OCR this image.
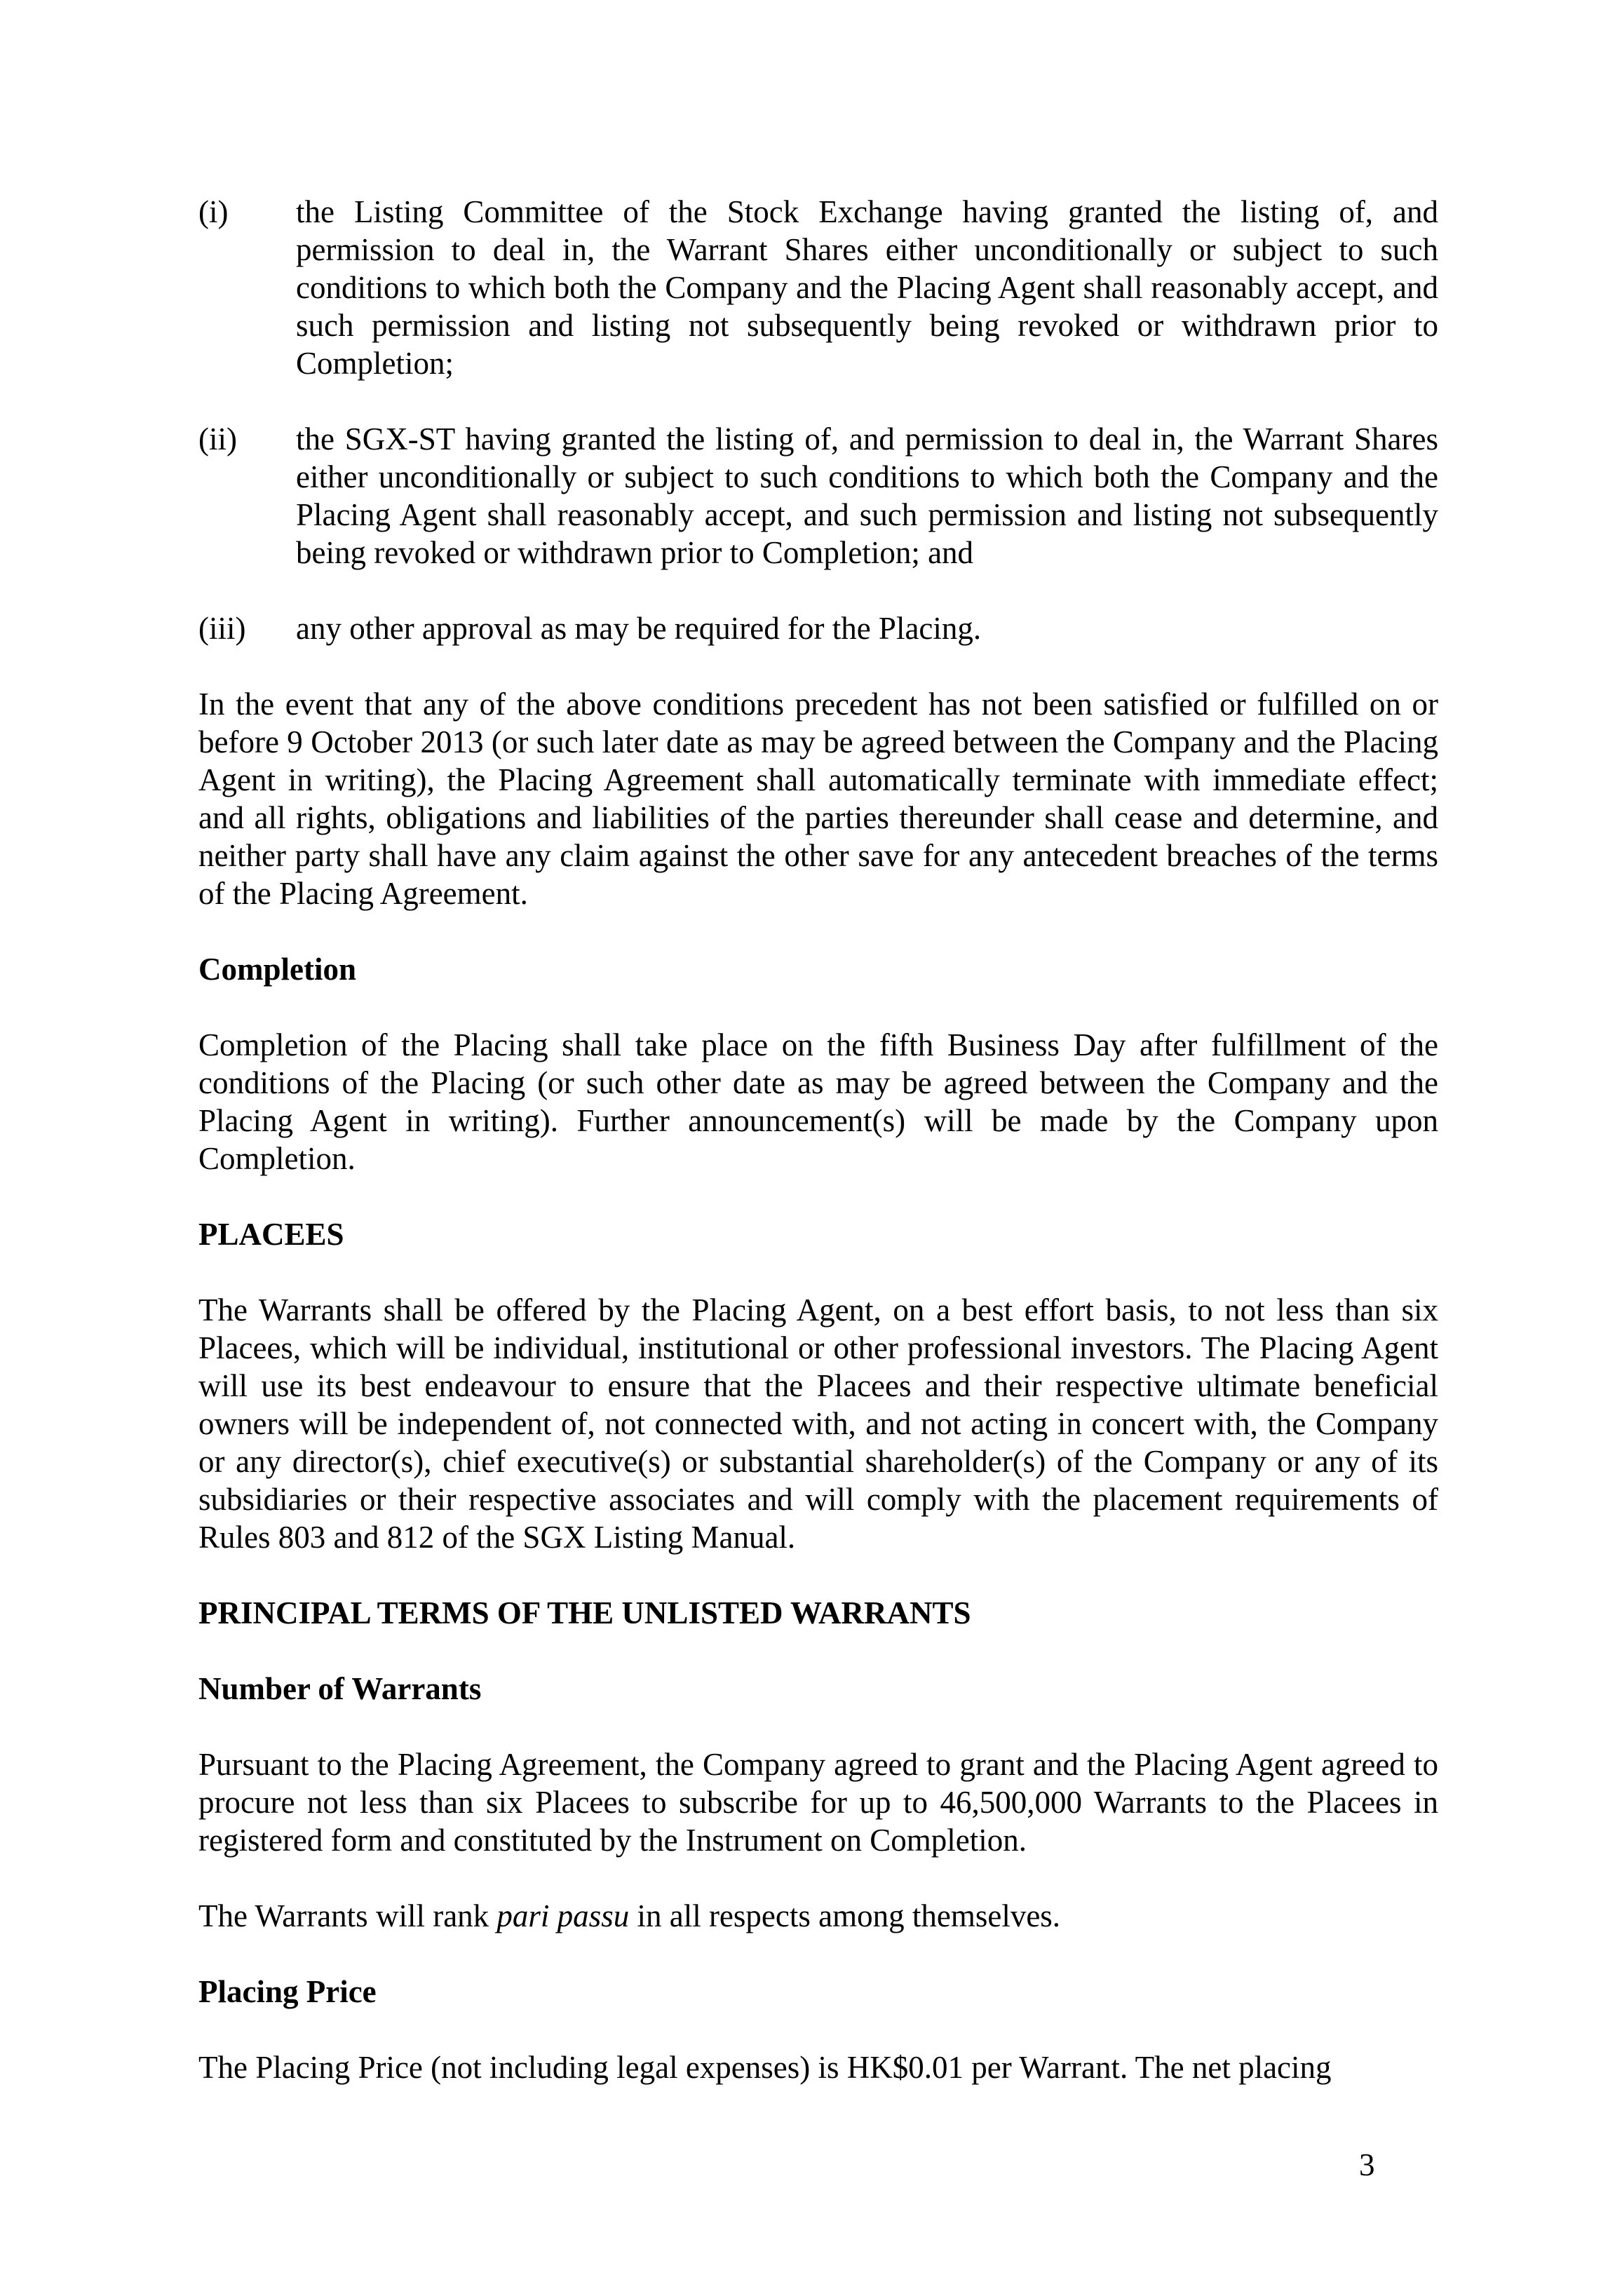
(i) the Listing Committee of the Stock Exchange having granted the listing of, and permission to deal in, the Warrant Shares either unconditionally or subject to such conditions to which both the Company and the Placing Agent shall reasonably accept, and such permission and listing not subsequently being revoked or withdrawn prior to Completion;
(ii) the SGX-ST having granted the listing of, and permission to deal in, the Warrant Shares either unconditionally or subject to such conditions to which both the Company and the Placing Agent shall reasonably accept, and such permission and listing not subsequently being revoked or withdrawn prior to Completion; and
(iii) any other approval as may be required for the Placing.

In the event that any of the above conditions precedent has not been satisfied or fulfilled on or before 9 October 2013 (or such later date as may be agreed between the Company and the Placing Agent in writing), the Placing Agreement shall automatically terminate with immediate effect; and all rights, obligations and liabilities of the parties thereunder shall cease and determine, and neither party shall have any claim against the other save for any antecedent breaches of the terms of the Placing Agreement.

Completion

Completion of the Placing shall take place on the fifth Business Day after fulfillment of the conditions of the Placing (or such other date as may be agreed between the Company and the Placing Agent in writing). Further announcement(s) will be made by the Company upon Completion.

PLACEES

The Warrants shall be offered by the Placing Agent, on a best effort basis, to not less than six Placees, which will be individual, institutional or other professional investors. The Placing Agent will use its best endeavour to ensure that the Placees and their respective ultimate beneficial owners will be independent of, not connected with, and not acting in concert with, the Company or any director(s), chief executive(s) or substantial shareholder(s) of the Company or any of its subsidiaries or their respective associates and will comply with the placement requirements of Rules 803 and 812 of the SGX Listing Manual.

PRINCIPAL TERMS OF THE UNLISTED WARRANTS

Number of Warrants

Pursuant to the Placing Agreement, the Company agreed to grant and the Placing Agent agreed to procure not less than six Placees to subscribe for up to 46,500,000 Warrants to the Placees in registered form and constituted by the Instrument on Completion.

The Warrants will rank pari passu in all respects among themselves.

Placing Price

The Placing Price (not including legal expenses) is HK$0.01 per Warrant. The net placing

3
